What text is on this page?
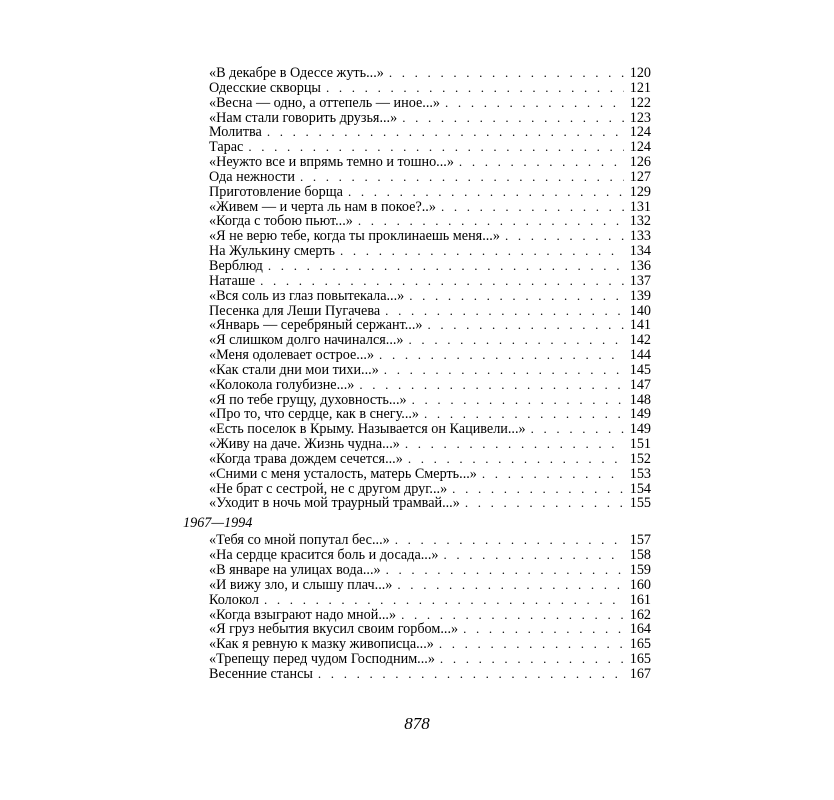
«В декабре в Одессе жуть...» . . .	120
Одесские скворцы . . .	121
«Весна — одно, а оттепель — иное...» . . .	122
«Нам стали говорить друзья...» . . .	123
Молитва . . .	124
Тарас . . .	124
«Неужто все и впрямь темно и тошно...» . . .	126
Ода нежности . . .	127
Приготовление борща . . .	129
«Живем — и черта ль нам в покое?..» . . .	131
«Когда с тобою пьют...» . . .	132
«Я не верю тебе, когда ты проклинаешь меня...» . . .	133
На Жулькину смерть . . .	134
Верблюд . . .	136
Наташе . . .	137
«Вся соль из глаз повытекала...» . . .	139
Песенка для Леши Пугачева . . .	140
«Январь — серебряный сержант...» . . .	141
«Я слишком долго начинался...» . . .	142
«Меня одолевает острое...» . . .	144
«Как стали дни мои тихи...» . . .	145
«Колокола голубизне...» . . .	147
«Я по тебе грущу, духовность...» . . .	148
«Про то, что сердце, как в снегу...» . . .	149
«Есть поселок в Крыму. Называется он Кацивели...» . . .	149
«Живу на даче. Жизнь чудна...» . . .	151
«Когда трава дождем сечется...» . . .	152
«Сними с меня усталость, матерь Смерть...» . . .	153
«Не брат с сестрой, не с другом друг...» . . .	154
«Уходит в ночь мой траурный трамвай...» . . .	155
1967—1994
«Тебя со мной попутал бес...» . . .	157
«На сердце красится боль и досада...» . . .	158
«В январе на улицах вода...» . . .	159
«И вижу зло, и слышу плач...» . . .	160
Колокол . . .	161
«Когда взыграют надо мной...» . . .	162
«Я груз небытия вкусил своим горбом...» . . .	164
«Как я ревную к мазку живописца...» . . .	165
«Трепещу перед чудом Господним...» . . .	165
Весенние стансы . . .	167
878
